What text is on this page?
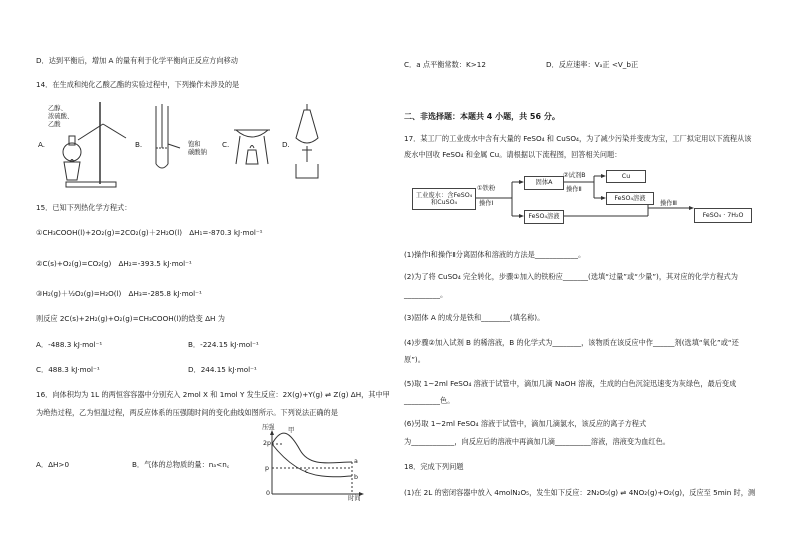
D．达到平衡后，增加 A 的量有利于化学平衡向正反应方向移动
14．在生成和纯化乙酸乙酯的实验过程中，下列操作未涉及的是
乙醇、
浓硫酸、
乙酸
A.	B.	饱和
碳酸钠
C.	D.
15．已知下列热化学方程式：
①CH₃COOH(l)+2O₂(g)=2CO₂(g)＋2H₂O(l)　ΔH₁=-870.3 kJ·mol⁻¹
②C(s)+O₂(g)=CO₂(g)　ΔH₂=-393.5 kJ·mol⁻¹
③H₂(g)＋½O₂(g)=H₂O(l)　ΔH₃=-285.8 kJ·mol⁻¹
则反应 2C(s)+2H₂(g)+O₂(g)=CH₃COOH(l)的焓变 ΔH 为
A．-488.3 kJ·mol⁻¹	B．-224.15 kJ·mol⁻¹
C．488.3 kJ·mol⁻¹	D．244.15 kJ·mol⁻¹
16．向体积均为 1L 的两恒容容器中分别充入 2mol X 和 1mol Y 发生反应：2X(g)+Y(g) ⇌ Z(g) ΔH，其中甲
为绝热过程，乙为恒温过程，两反应体系的压强随时间的变化曲线如图所示。下列说法正确的是
A．ΔH>0	B．气体的总物质的量：nₐ<n꜀
压强 甲
2p
p
0
a
b
c
时间
C．a 点平衡常数：K>12	D．反应速率：Vₐ正 <V_b正
二、非选择题：本题共 4 小题，共 56 分。
17．某工厂的工业废水中含有大量的 FeSO₄ 和 CuSO₄，为了减少污染并变废为宝，工厂拟定用以下流程从该
废水中回收 FeSO₄ 和金属 Cu。请根据以下流程图，回答相关问题：
工业废水：含FeSO₄和CuSO₄
①铁粉
操作Ⅰ
固体A
②试剂B
操作Ⅱ
Cu
FeSO₄溶液
FeSO₄溶液
操作Ⅲ
FeSO₄ · 7H₂O
(1)操作Ⅰ和操作Ⅱ分离固体和溶液的方法是____________。
(2)为了将 CuSO₄ 完全转化，步骤①加入的铁粉应_______(选填“过量”或“少量”)，其对应的化学方程式为
__________。
(3)固体 A 的成分是铁和________(填名称)。
(4)步骤②加入试剂 B 的稀溶液，B 的化学式为________，该物质在该反应中作______剂(选填“氧化”或“还
原”)。
(5)取 1~2ml FeSO₄ 溶液于试管中，滴加几滴 NaOH 溶液，生成的白色沉淀迅速变为灰绿色，最后变成
__________色。
(6)另取 1~2ml FeSO₄ 溶液于试管中，滴加几滴氯水，该反应的离子方程式
为____________，向反应后的溶液中再滴加几滴__________溶液，溶液变为血红色。
18．完成下列问题
(1)在 2L 的密闭容器中放入 4molN₂O₅，发生如下反应：2N₂O₅(g) ⇌ 4NO₂(g)+O₂(g)，反应至 5min 时，测
